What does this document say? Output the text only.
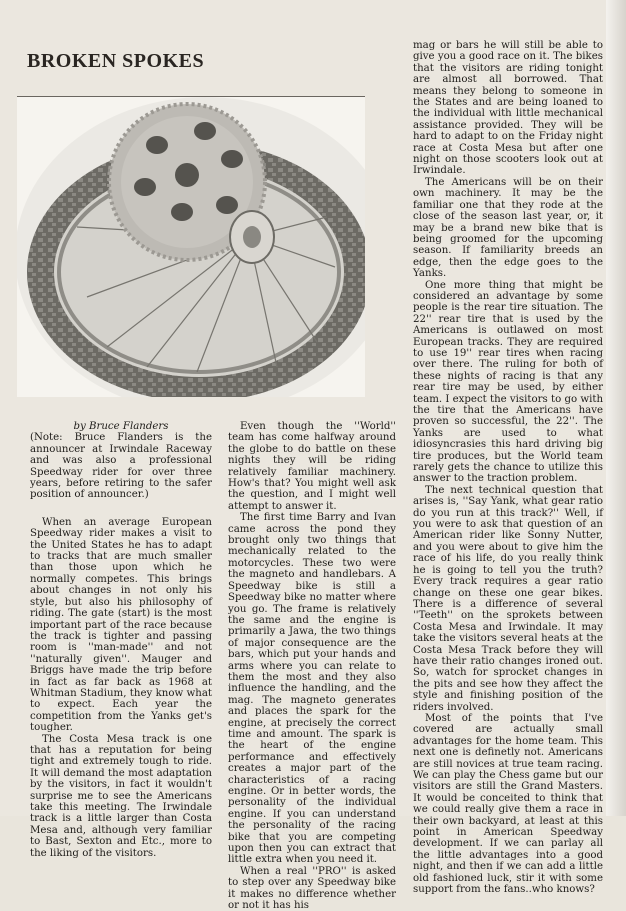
BROKEN SPOKES

by Bruce Flanders

(Note: Bruce Flanders is the announcer at Irwindale Raceway and was also a professional Speedway rider for over three years, before retiring to the safer position of announcer.)

When an average European Speedway rider makes a visit to the United States he has to adapt to tracks that are much smaller than those upon which he normally competes. This brings about changes in not only his style, but also his philosophy of riding. The gate (start) is the most important part of the race because the track is tighter and passing room is ''man-made'' and not ''naturally given''. Mauger and Briggs have made the trip before in fact as far back as 1968 at Whitman Stadium, they know what to expect. Each year the competition from the Yanks get's tougher.

The Costa Mesa track is one that has a reputation for being tight and extremely tough to ride. It will demand the most adaptation by the visitors, in fact it wouldn't surprise me to see the Americans take this meeting. The Irwindale track is a little larger than Costa Mesa and, although very familiar to Bast, Sexton and Etc., more to the liking of the visitors.

Even though the ''World'' team has come halfway around the globe to do battle on these nights they will be riding relatively familiar machinery. How's that? You might well ask the question, and I might well attempt to answer it.

The first time Barry and Ivan came across the pond they brought only two things that mechanically related to the motorcycles. These two were the magneto and handlebars. A Speedway bike is still a Speedway bike no matter where you go. The frame is relatively the same and the engine is primarily a Jawa, the two things of major consequence are the bars, which put your hands and arms where you can relate to them the most and they also influence the handling, and the mag. The magneto generates and places the spark for the engine, at precisely the correct time and amount. The spark is the heart of the engine performance and effectively creates a major part of the characteristics of a racing engine. Or in better words, the personality of the individual engine. If you can understand the personality of the racing bike that you are competing upon then you can extract that little extra when you need it.

When a real ''PRO'' is asked to step over any Speedway bike it makes no difference whether or not it has his

mag or bars he will still be able to give you a good race on it. The bikes that the visitors are riding tonight are almost all borrowed. That means they belong to someone in the States and are being loaned to the individual with little mechanical assistance provided. They will be hard to adapt to on the Friday night race at Costa Mesa but after one night on those scooters look out at Irwindale.

The Americans will be on their own machinery. It may be the familiar one that they rode at the close of the season last year, or, it may be a brand new bike that is being groomed for the upcoming season. If familiarity breeds an edge, then the edge goes to the Yanks.

One more thing that might be considered an advantage by some people is the rear tire situation. The 22'' rear tire that is used by the Americans is outlawed on most European tracks. They are required to use 19'' rear tires when racing over there. The ruling for both of these nights of racing is that any rear tire may be used, by either team. I expect the visitors to go with the tire that the Americans have proven so successful, the 22''. The Yanks are used to what idiosyncrasies this hard driving big tire produces, but the World team rarely gets the chance to utilize this answer to the traction problem.

The next technical question that arises is, ''Say Yank, what gear ratio do you run at this track?'' Well, if you were to ask that question of an American rider like Sonny Nutter, and you were about to give him the race of his life, do you really think he is going to tell you the truth? Every track requires a gear ratio change on these one gear bikes. There is a difference of several ''Teeth'' on the sprokets between Costa Mesa and Irwindale. It may take the visitors several heats at the Costa Mesa Track before they will have their ratio changes ironed out. So, watch for sprocket changes in the pits and see how they affect the style and finishing position of the riders involved.

Most of the points that I've covered are actually small advantages for the home team. This next one is definetly not. Americans are still novices at true team racing. We can play the Chess game but our visitors are still the Grand Masters. It would be conceited to think that we could really give them a race in their own backyard, at least at this point in American Speedway development. If we can parlay all the little advantages into a good night, and then if we can add a little old fashioned luck, stir it with some support from the fans..who knows?
